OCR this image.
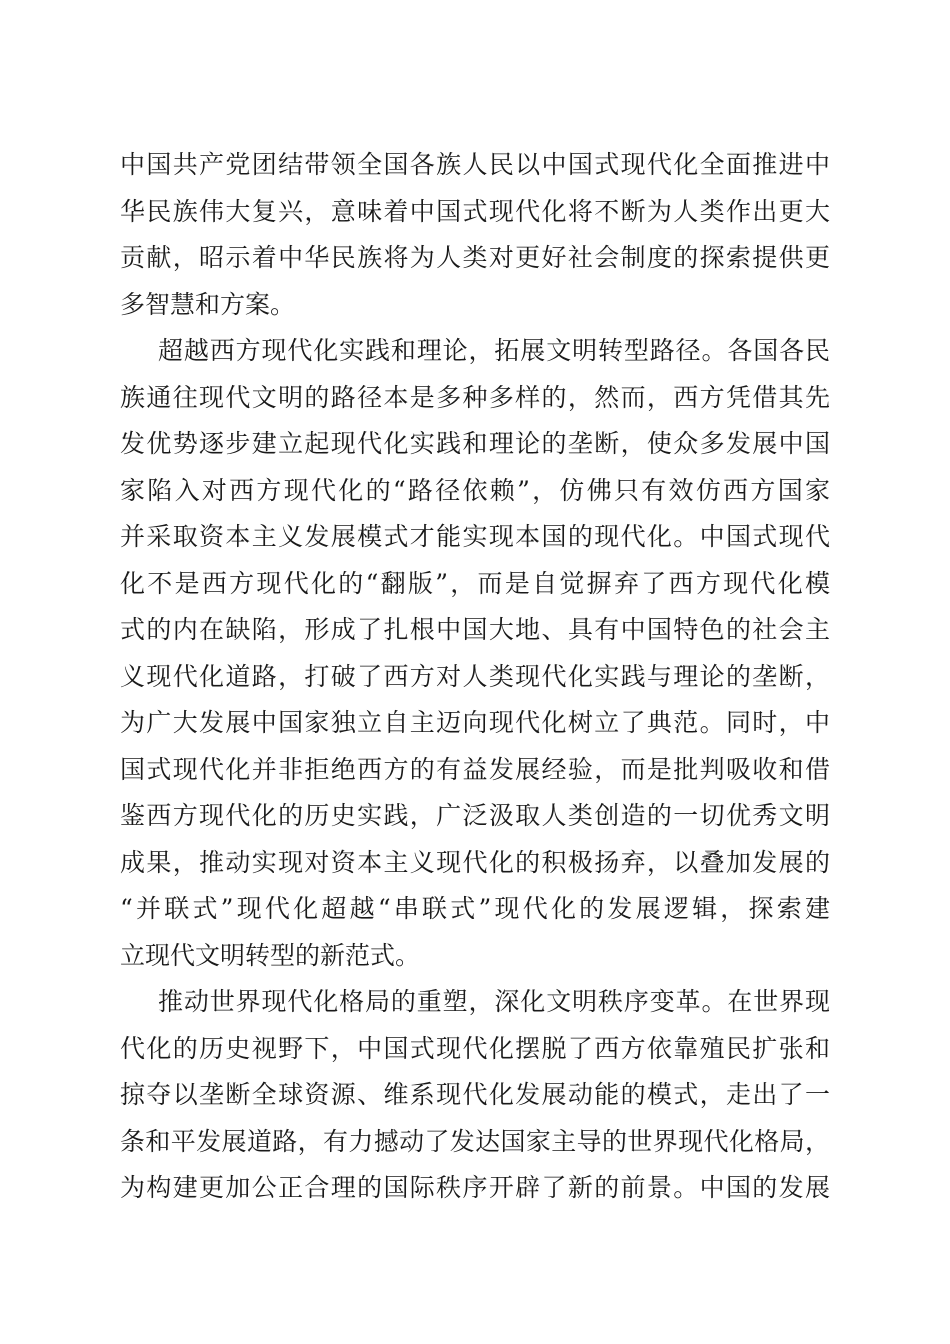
中国共产党团结带领全国各族人民以中国式现代化全面推进中
华民族伟大复兴，意味着中国式现代化将不断为人类作出更大
贡献，昭示着中华民族将为人类对更好社会制度的探索提供更
多智慧和方案。
超越西方现代化实践和理论，拓展文明转型路径。各国各民
族通往现代文明的路径本是多种多样的，然而，西方凭借其先
发优势逐步建立起现代化实践和理论的垄断，使众多发展中国
家陷入对西方现代化的“路径依赖”，仿佛只有效仿西方国家
并采取资本主义发展模式才能实现本国的现代化。中国式现代
化不是西方现代化的“翻版”，而是自觉摒弃了西方现代化模
式的内在缺陷，形成了扎根中国大地、具有中国特色的社会主
义现代化道路，打破了西方对人类现代化实践与理论的垄断，
为广大发展中国家独立自主迈向现代化树立了典范。同时，中
国式现代化并非拒绝西方的有益发展经验，而是批判吸收和借
鉴西方现代化的历史实践，广泛汲取人类创造的一切优秀文明
成果，推动实现对资本主义现代化的积极扬弃，以叠加发展的
“并联式”现代化超越“串联式”现代化的发展逻辑，探索建
立现代文明转型的新范式。
推动世界现代化格局的重塑，深化文明秩序变革。在世界现
代化的历史视野下，中国式现代化摆脱了西方依靠殖民扩张和
掠夺以垄断全球资源、维系现代化发展动能的模式，走出了一
条和平发展道路，有力撼动了发达国家主导的世界现代化格局，
为构建更加公正合理的国际秩序开辟了新的前景。中国的发展
